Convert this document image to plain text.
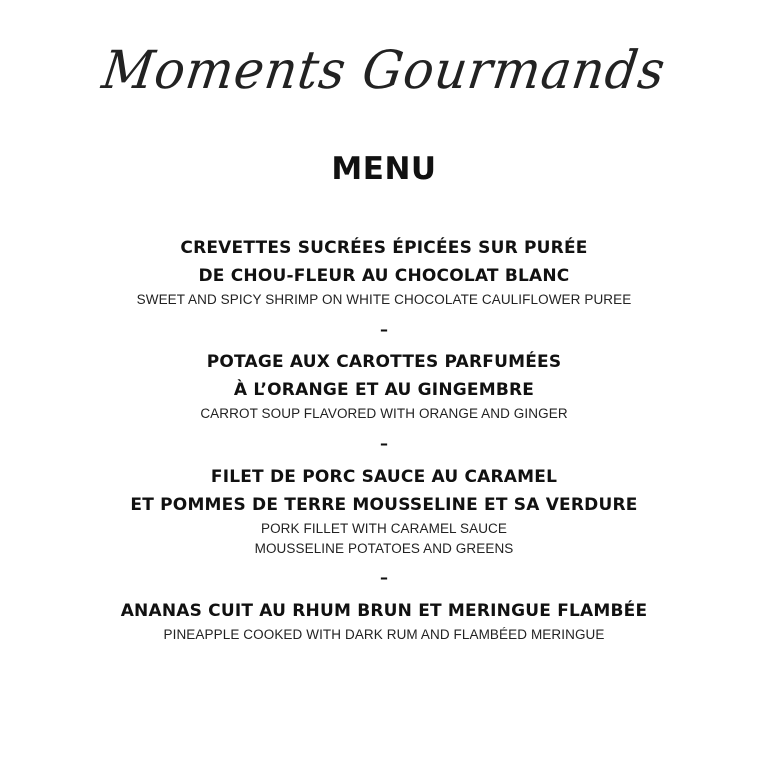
Moments Gourmands
MENU
CREVETTES SUCRÉES ÉPICÉES SUR PURÉE
DE CHOU-FLEUR AU CHOCOLAT BLANC
SWEET AND SPICY SHRIMP ON WHITE CHOCOLATE CAULIFLOWER PUREE
–
POTAGE AUX CAROTTES PARFUMÉES
À L’ORANGE ET AU GINGEMBRE
CARROT SOUP FLAVORED WITH ORANGE AND GINGER
–
FILET DE PORC SAUCE AU CARAMEL
ET POMMES DE TERRE MOUSSELINE ET SA VERDURE
PORK FILLET WITH CARAMEL SAUCE
MOUSSELINE POTATOES AND GREENS
–
ANANAS CUIT AU RHUM BRUN ET MERINGUE FLAMBÉE
PINEAPPLE COOKED WITH DARK RUM AND FLAMBÉED MERINGUE
